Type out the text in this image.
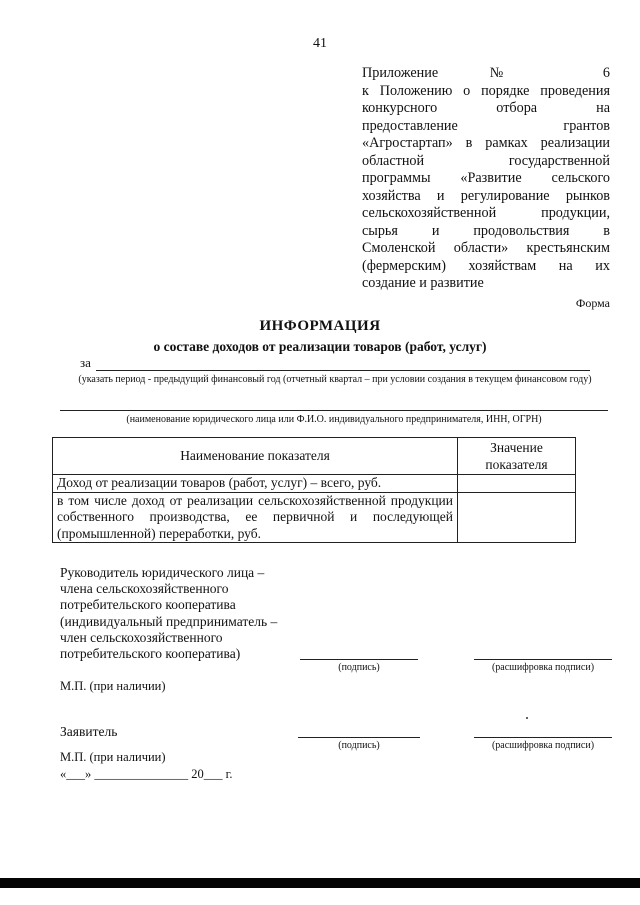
41
Приложение № 6
к Положению о порядке проведения
конкурсного отбора на
предоставление грантов
«Агростартап» в рамках реализации
областной государственной
программы «Развитие сельского
хозяйства и регулирование рынков
сельскохозяйственной продукции,
сырья и продовольствия в
Смоленской области» крестьянским
(фермерским) хозяйствам на их
создание и развитие
Форма
ИНФОРМАЦИЯ
о составе доходов от реализации товаров (работ, услуг)
за
(указать период - предыдущий финансовый год (отчетный квартал – при условии создания в текущем финансовом году)
(наименование юридического лица или Ф.И.О. индивидуального предпринимателя, ИНН, ОГРН)
Наименование показателя	Значение показателя
Доход от реализации товаров (работ, услуг) – всего, руб.	
в том числе доход от реализации сельскохозяйственной продукции собственного производства, ее первичной и последующей (промышленной) переработки, руб.	
Руководитель юридического лица –
члена сельскохозяйственного
потребительского кооператива
(индивидуальный предприниматель –
член сельскохозяйственного
потребительского кооператива)
(подпись)	(расшифровка подписи)
М.П. (при наличии)
Заявитель
(подпись)	(расшифровка подписи)
М.П. (при наличии)
«___» _______________ 20___ г.
